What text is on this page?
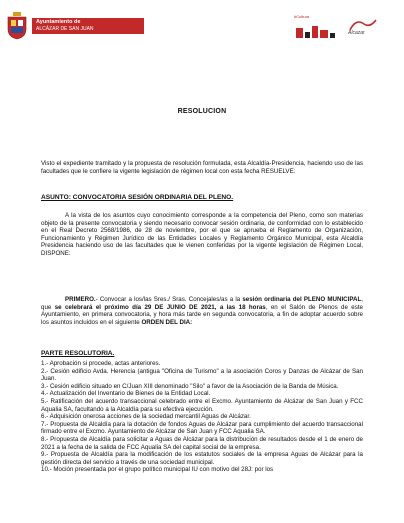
Ayuntamiento de
ALCÁZAR DE SAN JUAN
#Cultura
Alcazar
RESOLUCION
Visto el expediente tramitado y la propuesta de resolución formulada, esta Alcaldía-Presidencia, haciendo uso de las facultades que le confiere la vigente legislación de régimen local con esta fecha RESUELVE:
ASUNTO: CONVOCATORIA SESIÓN ORDINARIA DEL PLENO.
A la vista de los asuntos cuyo conocimiento corresponde a la competencia del Pleno, como son materias objeto de la presente convocatoria y siendo necesario convocar sesión ordinaria, de conformidad con lo establecido en el Real Decreto 2568/1986, de 28 de noviembre, por el que se aprueba el Reglamento de Organización, Funcionamiento y Régimen Jurídico de las Entidades Locales y Reglamento Orgánico Municipal, esta Alcaldía Presidencia haciendo uso de las facultades que le vienen conferidas por la vigente legislación de Régimen Local, DISPONE:
PRIMERO.- Convocar a los/las Sres./ Sras. Concejales/as a la sesión ordinaria del PLENO MUNICIPAL, que se celebrará el próximo día 29 DE JUNIO DE 2021, a las 18 horas, en el Salón de Plenos de este Ayuntamiento, en primera convocatoria, y hora más tarde en segunda convocatoria, a fin de adoptar acuerdo sobre los asuntos incluidos en el siguiente ORDEN DEL DIA:
PARTE RESOLUTORIA.
1.- Aprobación si procede, actas anteriores.
2.- Cesión edificio Avda. Herencia (antigua "Oficina de Turismo" a la asociación Coros y Danzas de Alcázar de San Juan.
3.- Cesión edificio situado en C/Juan XIII denominado "Silo" a favor de la Asociación de la Banda de Música.
4.- Actualización del Inventario de Bienes de la Entidad Local.
5.- Ratificación del acuerdo transaccional celebrado entre el Excmo. Ayuntamiento de Alcázar de San Juan y FCC Aqualia SA, facultando a la Alcaldía para su efectiva ejecución.
6.- Adquisición onerosa acciones de la sociedad mercantil Aguas de Alcázar.
7.- Propuesta de Alcaldía para la dotación de fondos Aguas de Alcázar para cumplimiento del acuerdo transaccional firmado entre el Excmo. Ayuntamiento de Alcázar de San Juan y FCC Aqualia SA.
8.- Propuesta de Alcaldía para solicitar a Aguas de Alcázar para la distribución de resultados desde el 1 de enero de 2021 a la fecha de la salida de FCC Aqualia SA del capital social de la empresa.
9.- Propuesta de Alcaldía para la modificación de los estatutos sociales de la empresa Aguas de Alcázar para la gestión directa del servicio a través de una sociedad municipal.
10.- Moción presentada por el grupo político municipal IU con motivo del 28J: por los
